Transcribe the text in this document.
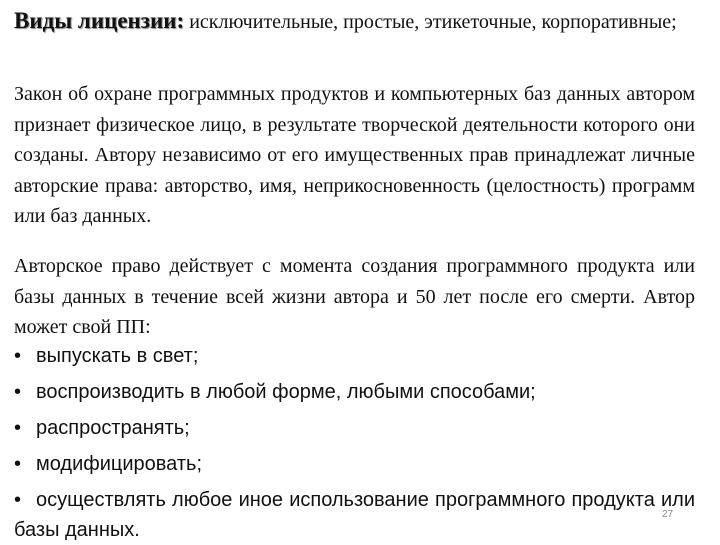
Виды лицензии: исключительные, простые, этикеточные, корпоративные;
Закон об охране программных продуктов и компьютерных баз данных автором признает физическое лицо, в результате творческой деятельности которого они созданы. Автору независимо от его имущественных прав принадлежат личные авторские права: авторство, имя, неприкосновенность (целостность) программ или баз данных.
Авторское право действует с момента создания программного продукта или базы данных в течение всей жизни автора и 50 лет после его смерти. Автор может свой ПП:
• выпускать в свет;
• воспроизводить в любой форме, любыми способами;
• распространять;
• модифицировать;
• осуществлять любое иное использование программного продукта или базы данных.
27
